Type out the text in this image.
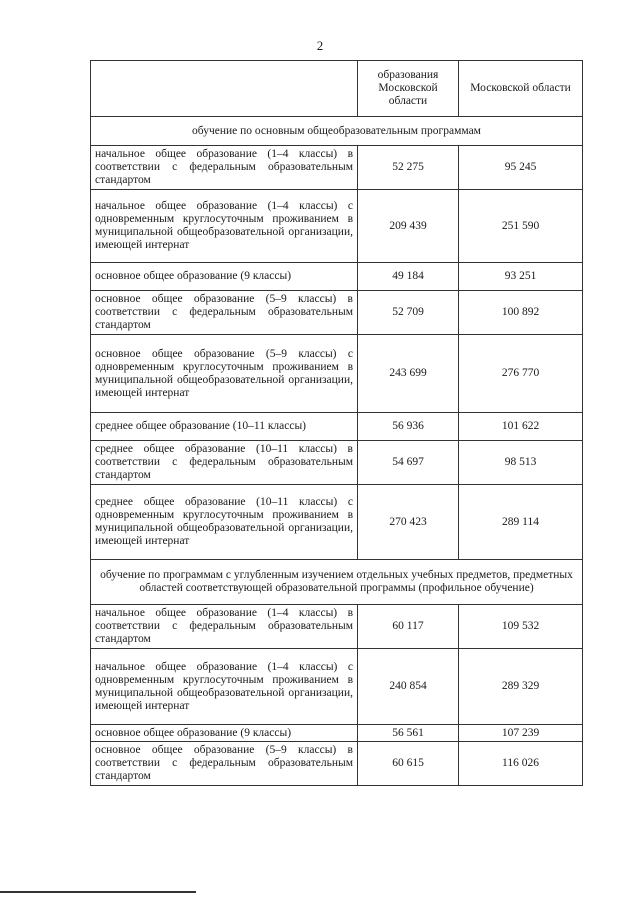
2
	образования Московской области	Московской области
обучение по основным общеобразовательным программам		
начальное общее образование (1–4 классы) в соответствии с федеральным образовательным стандартом	52 275	95 245
начальное общее образование (1–4 классы) с одновременным круглосуточным проживанием в муниципальной общеобразовательной организации, имеющей интернат	209 439	251 590
основное общее образование (9 классы)	49 184	93 251
основное общее образование (5–9 классы) в соответствии с федеральным образовательным стандартом	52 709	100 892
основное общее образование (5–9 классы) с одновременным круглосуточным проживанием в муниципальной общеобразовательной организации, имеющей интернат	243 699	276 770
среднее общее образование (10–11 классы)	56 936	101 622
среднее общее образование (10–11 классы) в соответствии с федеральным образовательным стандартом	54 697	98 513
среднее общее образование (10–11 классы) с одновременным круглосуточным проживанием в муниципальной общеобразовательной организации, имеющей интернат	270 423	289 114
обучение по программам с углубленным изучением отдельных учебных предметов, предметных областей соответствующей образовательной программы (профильное обучение)		
начальное общее образование (1–4 классы) в соответствии с федеральным образовательным стандартом	60 117	109 532
начальное общее образование (1–4 классы) с одновременным круглосуточным проживанием в муниципальной общеобразовательной организации, имеющей интернат	240 854	289 329
основное общее образование (9 классы)	56 561	107 239
основное общее образование (5–9 классы) в соответствии с федеральным образовательным стандартом	60 615	116 026
